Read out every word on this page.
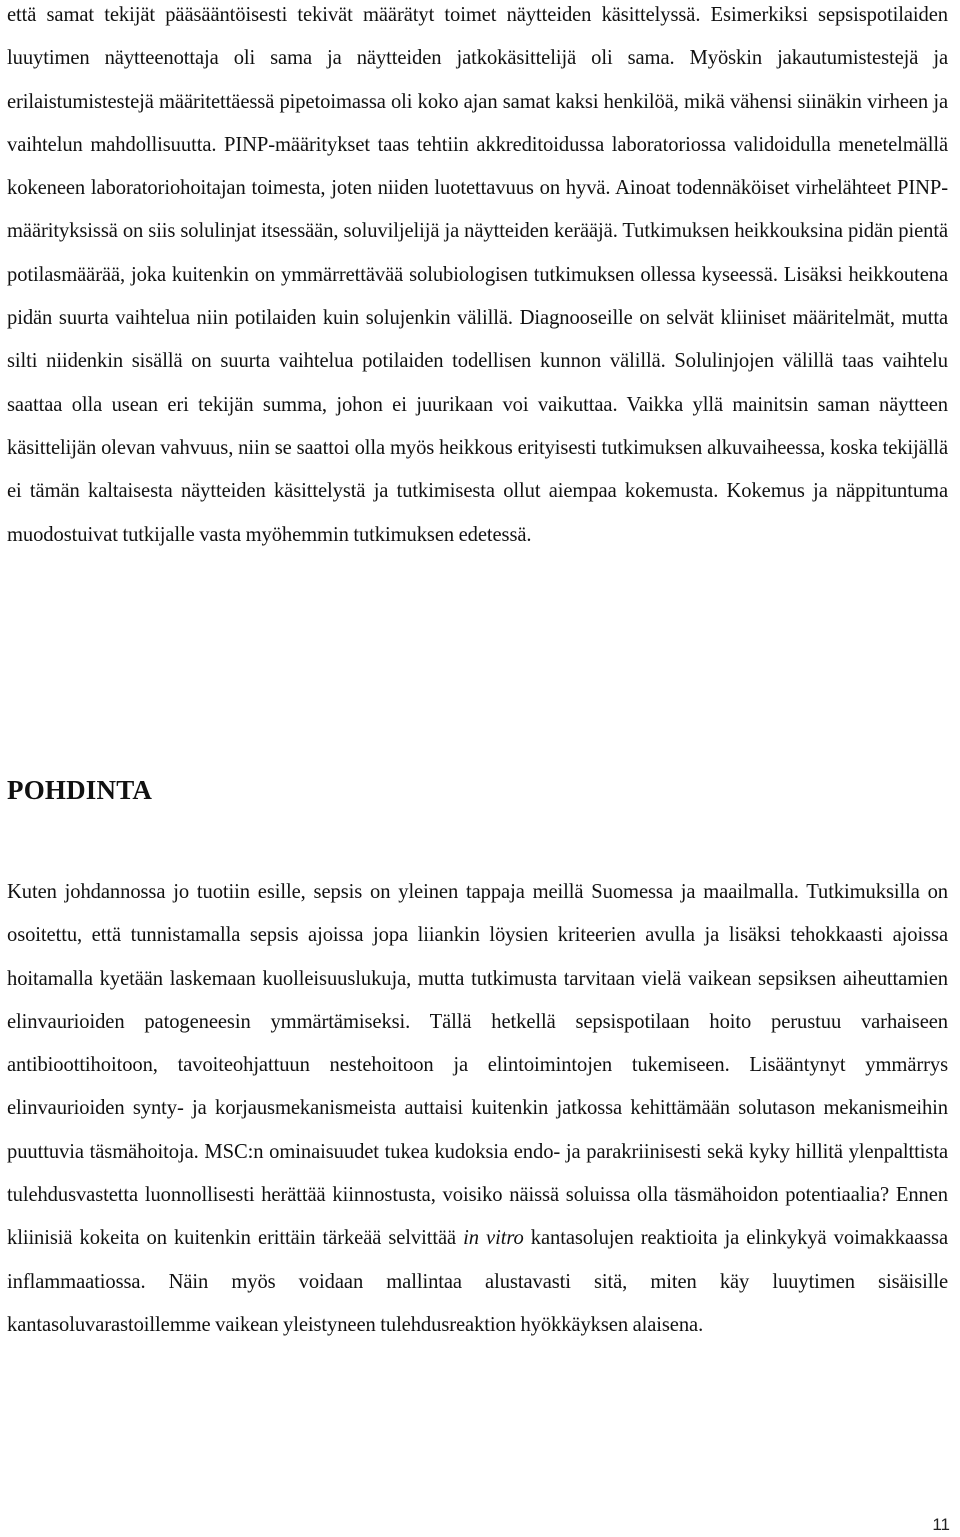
että samat tekijät pääsääntöisesti tekivät määrätyt toimet näytteiden käsittelyssä. Esimerkiksi sepsispotilaiden luuytimen näytteenottaja oli sama ja näytteiden jatkokäsittelijä oli sama. Myöskin jakautumistestejä ja erilaistumistestejä määritettäessä pipetoimassa oli koko ajan samat kaksi henkilöä, mikä vähensi siinäkin virheen ja vaihtelun mahdollisuutta. PINP-määritykset taas tehtiin akkreditoidussa laboratoriossa validoidulla menetelmällä kokeneen laboratoriohoitajan toimesta, joten niiden luotettavuus on hyvä. Ainoat todennäköiset virhelähteet PINP-määrityksissä on siis solulinjat itsessään, soluviljelijä ja näytteiden kerääjä. Tutkimuksen heikkouksina pidän pientä potilasmäärää, joka kuitenkin on ymmärrettävää solubiologisen tutkimuksen ollessa kyseessä. Lisäksi heikkoutena pidän suurta vaihtelua niin potilaiden kuin solujenkin välillä. Diagnooseille on selvät kliiniset määritelmät, mutta silti niidenkin sisällä on suurta vaihtelua potilaiden todellisen kunnon välillä. Solulinjojen välillä taas vaihtelu saattaa olla usean eri tekijän summa, johon ei juurikaan voi vaikuttaa. Vaikka yllä mainitsin saman näytteen käsittelijän olevan vahvuus, niin se saattoi olla myös heikkous erityisesti tutkimuksen alkuvaiheessa, koska tekijällä ei tämän kaltaisesta näytteiden käsittelystä ja tutkimisesta ollut aiempaa kokemusta. Kokemus ja näppituntuma muodostuivat tutkijalle vasta myöhemmin tutkimuksen edetessä.

POHDINTA

Kuten johdannossa jo tuotiin esille, sepsis on yleinen tappaja meillä Suomessa ja maailmalla. Tutkimuksilla on osoitettu, että tunnistamalla sepsis ajoissa jopa liiankin löysien kriteerien avulla ja lisäksi tehokkaasti ajoissa hoitamalla kyetään laskemaan kuolleisuuslukuja, mutta tutkimusta tarvitaan vielä vaikean sepsiksen aiheuttamien elinvaurioiden patogeneesin ymmärtämiseksi. Tällä hetkellä sepsispotilaan hoito perustuu varhaiseen antibioottihoitoon, tavoiteohjattuun nestehoitoon ja elintoimintojen tukemiseen. Lisääntynyt ymmärrys elinvaurioiden synty- ja korjausmekanismeista auttaisi kuitenkin jatkossa kehittämään solutason mekanismeihin puuttuvia täsmähoitoja. MSC:n ominaisuudet tukea kudoksia endo- ja parakriinisesti sekä kyky hillitä ylenpalttista tulehdusvastetta luonnollisesti herättää kiinnostusta, voisiko näissä soluissa olla täsmähoidon potentiaalia? Ennen kliinisiä kokeita on kuitenkin erittäin tärkeää selvittää in vitro kantasolujen reaktioita ja elinkykyä voimakkaassa inflammaatiossa. Näin myös voidaan mallintaa alustavasti sitä, miten käy luuytimen sisäisille kantasoluvarastoillemme vaikean yleistyneen tulehdusreaktion hyökkäyksen alaisena.

11
